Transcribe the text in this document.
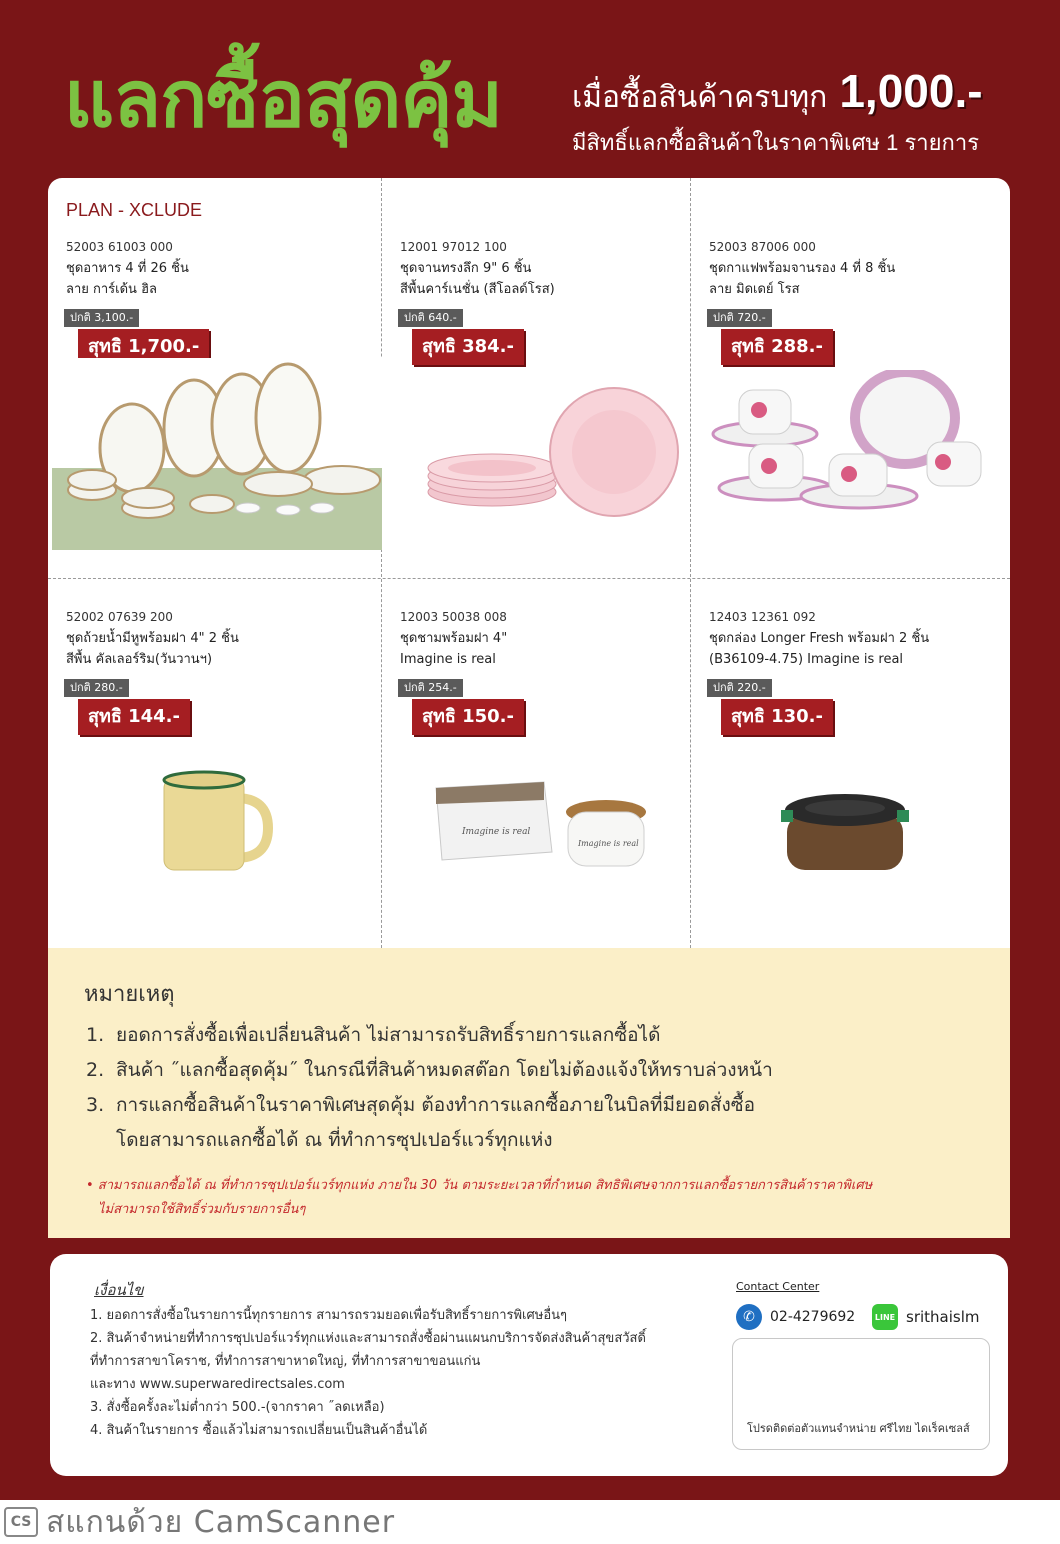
แลกซื้อสุดคุ้ม เมื่อซื้อสินค้าครบทุก 1,000.-
มีสิทธิ์แลกซื้อสินค้าในราคาพิเศษ 1 รายการ
PLAN - XCLUDE
52003 61003 000
ชุดอาหาร 4 ที่ 26 ชิ้น
ลาย การ์เด้น ฮิล
ปกติ 3,100.-
สุทธิ 1,700.-
12001 97012 100
ชุดจานทรงลึก 9" 6 ชิ้น
สีพื้นคาร์เนชั่น (สีโอลด์โรส)
ปกติ 640.-
สุทธิ 384.-
52003 87006 000
ชุดกาแฟพร้อมจานรอง 4 ที่ 8 ชิ้น
ลาย มิดเดย์ โรส
ปกติ 720.-
สุทธิ 288.-
52002 07639 200
ชุดถ้วยน้ำมีหูพร้อมฝา 4" 2 ชิ้น
สีพื้น คัลเลอร์ริม(วันวานฯ)
ปกติ 280.-
สุทธิ 144.-
12003 50038 008
ชุดชามพร้อมฝา 4"
Imagine is real
ปกติ 254.-
สุทธิ 150.-
Imagine is real
Imagine is real
12403 12361 092
ชุดกล่อง Longer Fresh พร้อมฝา 2 ชิ้น
(B36109-4.75) Imagine is real
ปกติ 220.-
สุทธิ 130.-
หมายเหตุ
1. ยอดการสั่งซื้อเพื่อเปลี่ยนสินค้า ไม่สามารถรับสิทธิ์รายการแลกซื้อได้
2. สินค้า ˝แลกซื้อสุดคุ้ม˝ ในกรณีที่สินค้าหมดสต๊อก โดยไม่ต้องแจ้งให้ทราบล่วงหน้า
3. การแลกซื้อสินค้าในราคาพิเศษสุดคุ้ม ต้องทำการแลกซื้อภายในบิลที่มียอดสั่งซื้อ
โดยสามารถแลกซื้อได้ ณ ที่ทำการซุปเปอร์แวร์ทุกแห่ง
• สามารถแลกซื้อได้ ณ ที่ทำการซุปเปอร์แวร์ทุกแห่ง ภายใน 30 วัน ตามระยะเวลาที่กำหนด สิทธิพิเศษจากการแลกซื้อรายการสินค้าราคาพิเศษ
ไม่สามารถใช้สิทธิ์ร่วมกับรายการอื่นๆ
เงื่อนไข
1. ยอดการสั่งซื้อในรายการนี้ทุกรายการ สามารถรวมยอดเพื่อรับสิทธิ์รายการพิเศษอื่นๆ
2. สินค้าจำหน่ายที่ทำการซุปเปอร์แวร์ทุกแห่งและสามารถสั่งซื้อผ่านแผนกบริการจัดส่งสินค้าสุขสวัสดิ์
ที่ทำการสาขาโคราช, ที่ทำการสาขาหาดใหญ่, ที่ทำการสาขาขอนแก่น
และทาง www.superwaredirectsales.com
3. สั่งซื้อครั้งละไม่ต่ำกว่า 500.-(จากราคา ˝ลดเหลือ)
4. สินค้าในรายการ ซื้อแล้วไม่สามารถเปลี่ยนเป็นสินค้าอื่นได้
Contact Center
✆	02-4279692	LINE srithaislm
โปรดติดต่อตัวแทนจำหน่าย ศรีไทย ไดเร็คเซลส์
CS สแกนด้วย CamScanner
